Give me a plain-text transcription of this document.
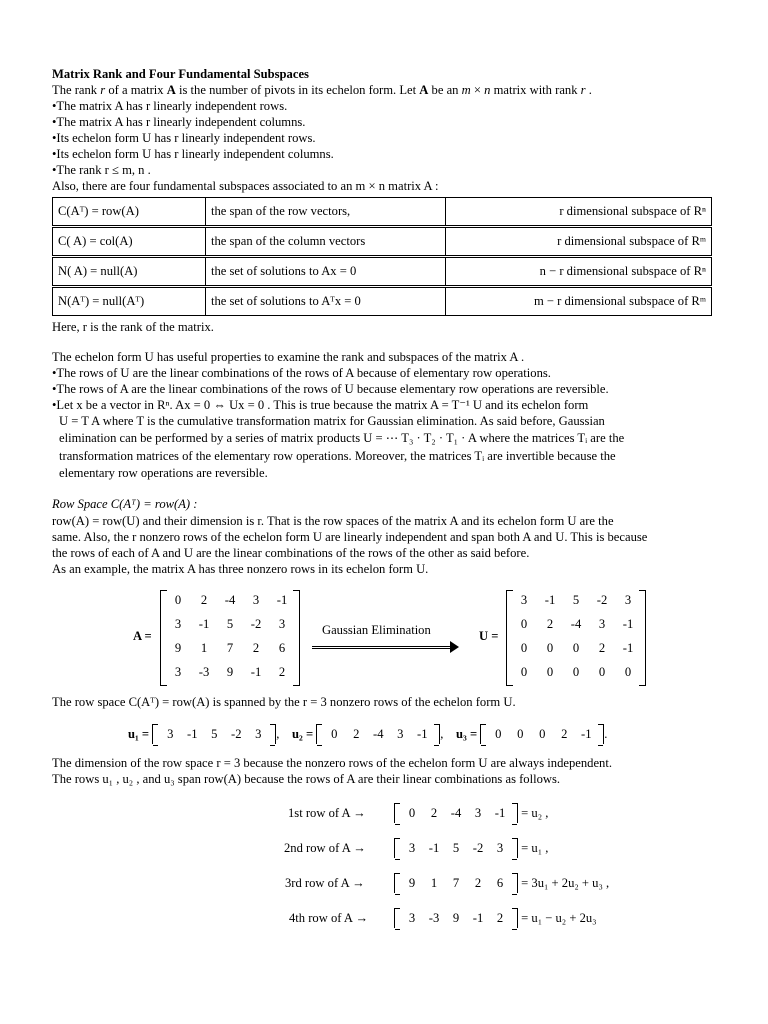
Matrix Rank and Four Fundamental Subspaces
The rank r of a matrix A is the number of pivots in its echelon form. Let A be an m × n matrix with rank r .
•The matrix A has r linearly independent rows.
•The matrix A has r linearly independent columns.
•Its echelon form U has r linearly independent rows.
•Its echelon form U has r linearly independent columns.
•The rank r ≤ m, n .
Also, there are four fundamental subspaces associated to an m × n matrix A :
C(Aᵀ) = row(A)	the span of the row vectors,	r dimensional subspace of Rⁿ
C( A) = col(A)	the span of the column vectors	r dimensional subspace of Rᵐ
N( A) = null(A)	the set of solutions to Ax = 0	n − r dimensional subspace of Rⁿ
N(Aᵀ) = null(Aᵀ)	the set of solutions to Aᵀx = 0	m − r dimensional subspace of Rᵐ
Here, r is the rank of the matrix.
The echelon form U has useful properties to examine the rank and subspaces of the matrix A .
•The rows of U are the linear combinations of the rows of A because of elementary row operations.
•The rows of A are the linear combinations of the rows of U because elementary row operations are reversible.
•Let x be a vector in Rⁿ. Ax = 0 ⇔ Ux = 0 . This is true because the matrix A = T⁻¹ U and its echelon form
U = T A where T is the cumulative transformation matrix for Gaussian elimination. As said before, Gaussian
elimination can be performed by a series of matrix products U = ⋯ T₃ · T₂ · T₁ · A where the matrices Tᵢ are the
transformation matrices of the elementary row operations. Moreover, the matrices Tᵢ are invertible because the
elementary row operations are reversible.
Row Space C(Aᵀ) = row(A) :
row(A) = row(U) and their dimension is r. That is the row spaces of the matrix A and its echelon form U are the
same. Also, the r nonzero rows of the echelon form U are linearly independent and span both A and U. This is because
the rows of each of A and U are the linear combinations of the rows of the other as said before.
As an example, the matrix A has three nonzero rows in its echelon form U.
A =
0	2	-4	3	-1
3	-1	5	-2	3
9	1	7	2	6
3	-3	9	-1	2
Gaussian Elimination	U =
3	-1	5	-2	3
0	2	-4	3	-1
0	0	0	2	-1
0	0	0	0	0
The row space C(Aᵀ) = row(A) is spanned by the r = 3 nonzero rows of the echelon form U.
u₁ = 3 -1 5 -2 3 , u₂ = 0 2 -4 3 -1 , u₃ = 0 0 0 2 -1 .
The dimension of the row space r = 3 because the nonzero rows of the echelon form U are always independent.
The rows u₁ , u₂ , and u₃ span row(A) because the rows of A are their linear combinations as follows.
1st row of A →	0 2 -4 3 -1 = u₂ ,
2nd row of A →	3 -1 5 -2 3 = u₁ ,
3rd row of A →	9 1 7 2 6 = 3u₁ + 2u₂ + u₃ ,
4th row of A →	3 -3 9 -1 2 = u₁ − u₂ + 2u₃
